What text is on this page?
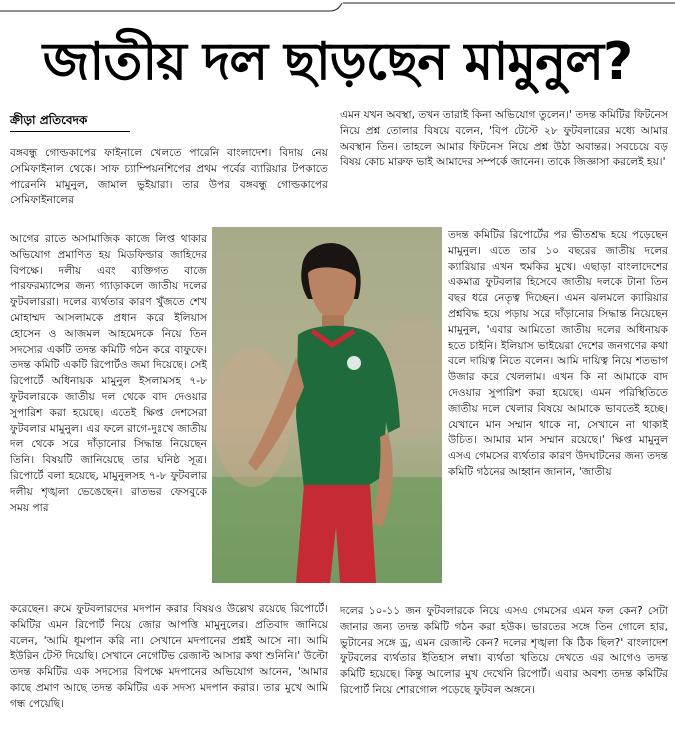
জাতীয় দল ছাড়ছেন মামুনুল?
ক্রীড়া প্রতিবেদক

বঙ্গবন্ধু গোল্ডকাপের ফাইনালে খেলতে পারেনি বাংলাদেশ। বিদায় নেয় সেমিফাইনাল থেকে। সাফ চ্যাম্পিয়নশিপের প্রথম পর্বের ব্যারিয়ার টপকাতে পারেননি মামুনুল, জামাল ভুইয়ারা। তার উপর বঙ্গবন্ধু গোল্ডকাপের সেমিফাইনালের

আগের রাতে অসামাজিক কাজে লিপ্ত থাকার অভিযোগ প্রমাণিত হয় মিডফিল্ডার জাহিদের বিপক্ষে। দলীয় এবং ব্যক্তিগত বাজে পারফরম্যান্সের জন্য গ্যাড়াকলে জাতীয় দলের ফুটবলাররা। দলের ব্যর্থতার কারণ খুঁজতে শেখ মোহাম্মদ আসলামকে প্রধান করে ইলিয়াস হোসেন ও আজমল আহমেদকে নিয়ে তিন সদস্যের একটি তদন্ত কমিটি গঠন করে বাফুফে। তদন্ত কমিটি একটি রিপোর্টও জমা দিয়েছে। সেই রিপোর্টে অধিনায়ক মামুনুল ইসলামসহ ৭-৮ ফুটবলারকে জাতীয় দল থেকে বাদ দেওয়ার সুপারিশ করা হয়েছে। এতেই ক্ষিপ্ত দেশসেরা ফুটবলার মামুনুল। এর ফলে রাগে-দুঃখে জাতীয় দল থেকে সরে দাঁড়ানোর সিদ্ধান্ত নিয়েছেন তিনি। বিষয়টি জানিয়েছে তার ঘনিষ্ঠ সূত্র। রিপোর্টে বলা হয়েছে, মামুনুলসহ ৭-৮ ফুটবলার দলীয় শৃঙ্খলা ভেঙেছেন। রাতভর ফেসবুকে সময় পার

করেছেন। রুমে ফুটবলারদের মদপান করার বিষয়ও উল্লেখ রয়েছে রিপোর্টে। কমিটির এমন রিপোর্ট নিয়ে জোর আপত্তি মামুনুলের। প্রতিবাদ জানিয়ে বলেন, 'আমি ধূমপান করি না। সেখানে মদপানের প্রশ্নই আসে না। আমি ইউরিন টেস্ট দিয়েছি। সেখানে নেগেটিভ রেজাল্ট আসার কথা শুনিনি।' উল্টো তদন্ত কমিটির এক সদস্যের বিপক্ষে মদপানের অভিযোগ আনেন, 'আমার কাছে প্রমাণ আছে তদন্ত কমিটির এক সদস্য মদপান করার। তার মুখে আমি গন্ধ পেয়েছি।

এমন যখন অবস্থা, তখন তারাই কিনা অভিযোগ তুলেন।' তদন্ত কমিটির ফিটনেস নিয়ে প্রশ্ন তোলার বিষয়ে বলেন, 'বিপ টেস্টে ২৮ ফুটবলারের মধ্যে আমার অবস্থান তিন। তাহলে আমার ফিটনেস নিয়ে প্রশ্ন উঠা অবান্তর। সবচেয়ে বড় বিষয় কোচ মারুফ ভাই আমাদের সম্পর্কে জানেন। তাকে জিজ্ঞাসা করলেই হয়।'

তদন্ত কমিটির রিপোর্টের পর ভীতশ্রদ্ধ হয়ে পড়েছেন মামুনুল। এতে তার ১০ বছরের জাতীয় দলের ক্যারিয়ার এখন হুমকির মুখে। এছাড়া বাংলাদেশের একমাত্র ফুটবলার হিসেবে জাতীয় দলকে টানা তিন বছর ধরে নেতৃত্ব দিচ্ছেন। এমন ঝলমলে ক্যারিয়ার প্রশ্নবিদ্ধ হয়ে পড়ায় সরে দাঁড়ানোর সিদ্ধান্ত নিয়েছেন মামুনুল, 'এবার আমিতো জাতীয় দলের অধিনায়ক হতে চাইনি। ইলিয়াস ভাইয়েরা দেশের জনগণের কথা বলে দায়িত্ব নিতে বলেন। আমি দায়িত্ব নিয়ে শতভাগ উজার করে খেললাম। এখন কি না আমাকে বাদ দেওয়ার সুপারিশ করা হয়েছে। এমন পরিস্থিতিতে জাতীয় দলে খেলার বিষয়ে আমাকে ভাবতেই হচ্ছে। যেখানে মান সম্মান থাকে না, সেখানে না থাকাই উচিত। আমার মান সম্মান রয়েছে।' ক্ষিপ্ত মামুনুল এসএ গেমসের ব্যর্থতার কারণ উদঘাটনের জন্য তদন্ত কমিটি গঠনের আহ্বান জানান, 'জাতীয়

দলের ১০-১১ জন ফুটবলারকে নিয়ে এসএ গেমসের এমন ফল কেন? সেটা জানার জন্য তদন্ত কমিটি গঠন করা হউক। ভারতের সঙ্গে তিন গোলে হার, ভুটানের সঙ্গে ড্র, এমন রেজাল্ট কেন? দলের শৃঙ্খলা কি ঠিক ছিল?' বাংলাদেশ ফুটবলের ব্যর্থতার ইতিহাস লম্বা। ব্যর্থতা খতিয়ে দেখতে এর আগেও তদন্ত কমিটি হয়েছে। কিন্তু আলোর মুখ দেখেনি রিপোর্ট। এবার অবশ্য তদন্ত কমিটির রিপোর্ট নিয়ে শোরগোল পড়েছে ফুটবল অঙ্গনে।
